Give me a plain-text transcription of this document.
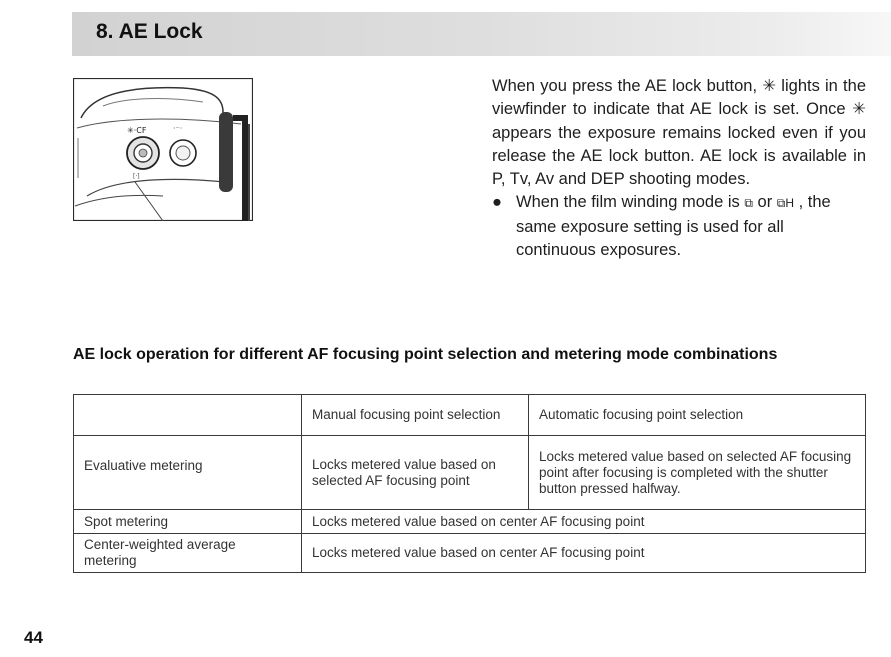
8. AE Lock
✳·CF	·⁻·
[·]

When you press the AE lock button, ✳ lights in the viewfinder to indicate that AE lock is set. Once ✳ appears the exposure remains locked even if you release the AE lock button. AE lock is available in P, Tv, Av and DEP shooting modes.

● When the film winding mode is ⧉ or ⧉H , the same exposure setting is used for all continuous exposures.
AE lock operation for different AF focusing point selection and metering mode combinations
	Manual focusing point selection	Automatic focusing point selection
Evaluative metering	Locks metered value based on selected AF focusing point	Locks metered value based on selected AF focusing point after focusing is completed with the shutter button pressed halfway.
Spot metering	Locks metered value based on center AF focusing point	
Center-weighted average metering	Locks metered value based on center AF focusing point	
44
